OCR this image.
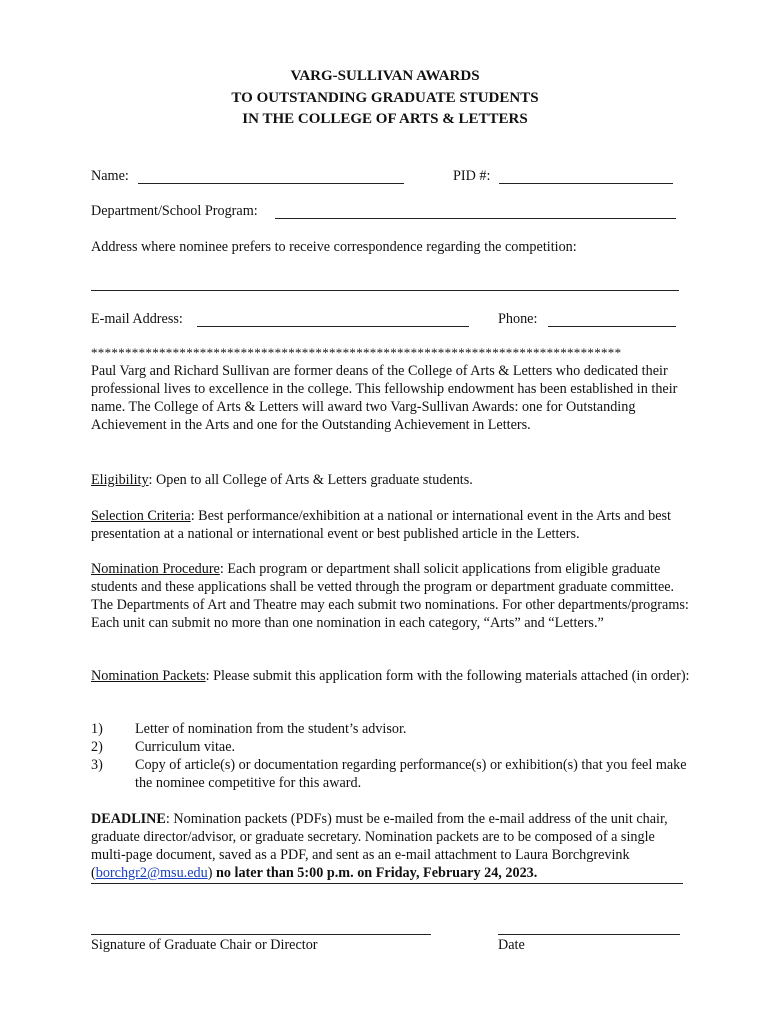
VARG-SULLIVAN AWARDS
TO OUTSTANDING GRADUATE STUDENTS
IN THE COLLEGE OF ARTS & LETTERS
Name:	PID #:
Department/School Program:
Address where nominee prefers to receive correspondence regarding the competition:
E-mail Address:	Phone:
******************************************************************************
Paul Varg and Richard Sullivan are former deans of the College of Arts & Letters who dedicated their professional lives to excellence in the college. This fellowship endowment has been established in their name. The College of Arts & Letters will award two Varg-Sullivan Awards: one for Outstanding Achievement in the Arts and one for the Outstanding Achievement in Letters.
Eligibility: Open to all College of Arts & Letters graduate students.
Selection Criteria: Best performance/exhibition at a national or international event in the Arts and best presentation at a national or international event or best published article in the Letters.
Nomination Procedure: Each program or department shall solicit applications from eligible graduate students and these applications shall be vetted through the program or department graduate committee. The Departments of Art and Theatre may each submit two nominations. For other departments/programs: Each unit can submit no more than one nomination in each category, “Arts” and “Letters.”
Nomination Packets: Please submit this application form with the following materials attached (in order):
1) Letter of nomination from the student’s advisor.
2) Curriculum vitae.
3) Copy of article(s) or documentation regarding performance(s) or exhibition(s) that you feel make the nominee competitive for this award.
DEADLINE: Nomination packets (PDFs) must be e-mailed from the e-mail address of the unit chair, graduate director/advisor, or graduate secretary. Nomination packets are to be composed of a single multi-page document, saved as a PDF, and sent as an e-mail attachment to Laura Borchgrevink (borchgr2@msu.edu) no later than 5:00 p.m. on Friday, February 24, 2023.
Signature of Graduate Chair or Director	Date
